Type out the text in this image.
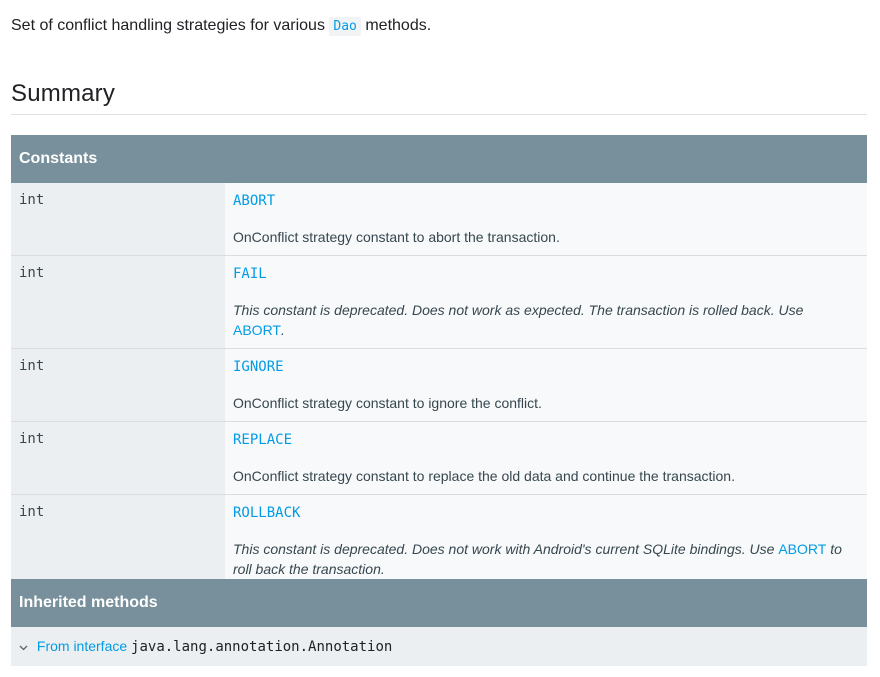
Set of conflict handling strategies for various Dao methods.

Summary
Constants	
int	ABORT
OnConflict strategy constant to abort the transaction.

int	FAIL
This constant is deprecated. Does not work as expected. The transaction is rolled back. Use ABORT.

int	IGNORE
OnConflict strategy constant to ignore the conflict.

int	REPLACE
OnConflict strategy constant to replace the old data and continue the transaction.

int	ROLLBACK
This constant is deprecated. Does not work with Android's current SQLite bindings. Use ABORT to roll back the transaction.
Inherited methods
From interface java.lang.annotation.Annotation
